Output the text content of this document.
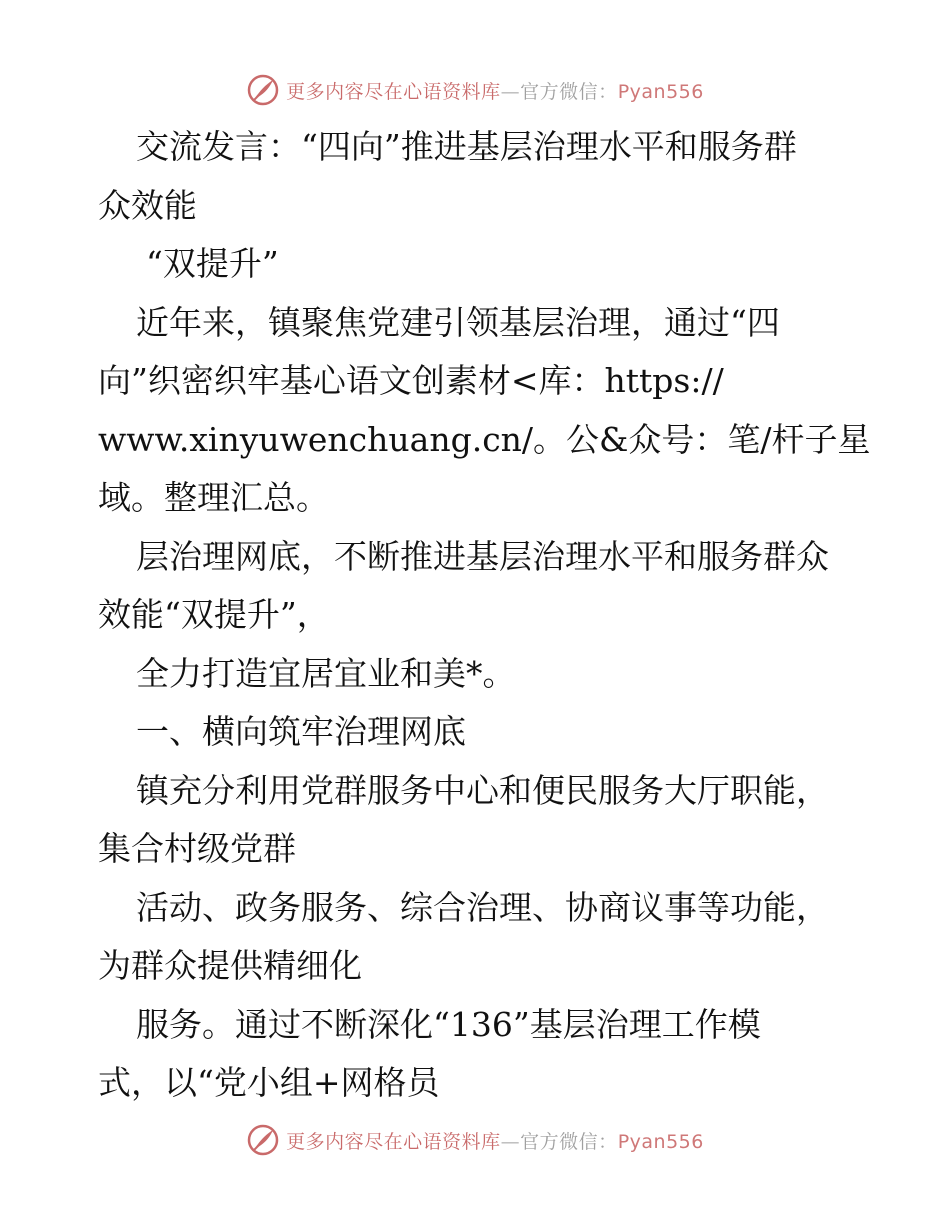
更多内容尽在心语资料库—官方微信：Pyan556

交流发言：“四向”推进基层治理水平和服务群

众效能

“双提升”

近年来，镇聚焦党建引领基层治理，通过“四

向”织密织牢基心语文创素材<库：https://

www.xinyuwenchuang.cn/。公&众号：笔/杆子星

域。整理汇总。

层治理网底，不断推进基层治理水平和服务群众

效能“双提升”，

全力打造宜居宜业和美*。

一、横向筑牢治理网底

镇充分利用党群服务中心和便民服务大厅职能，

集合村级党群

活动、政务服务、综合治理、协商议事等功能，

为群众提供精细化

服务。通过不断深化“136”基层治理工作模

式，以“党小组+网格员

更多内容尽在心语资料库—官方微信：Pyan556
